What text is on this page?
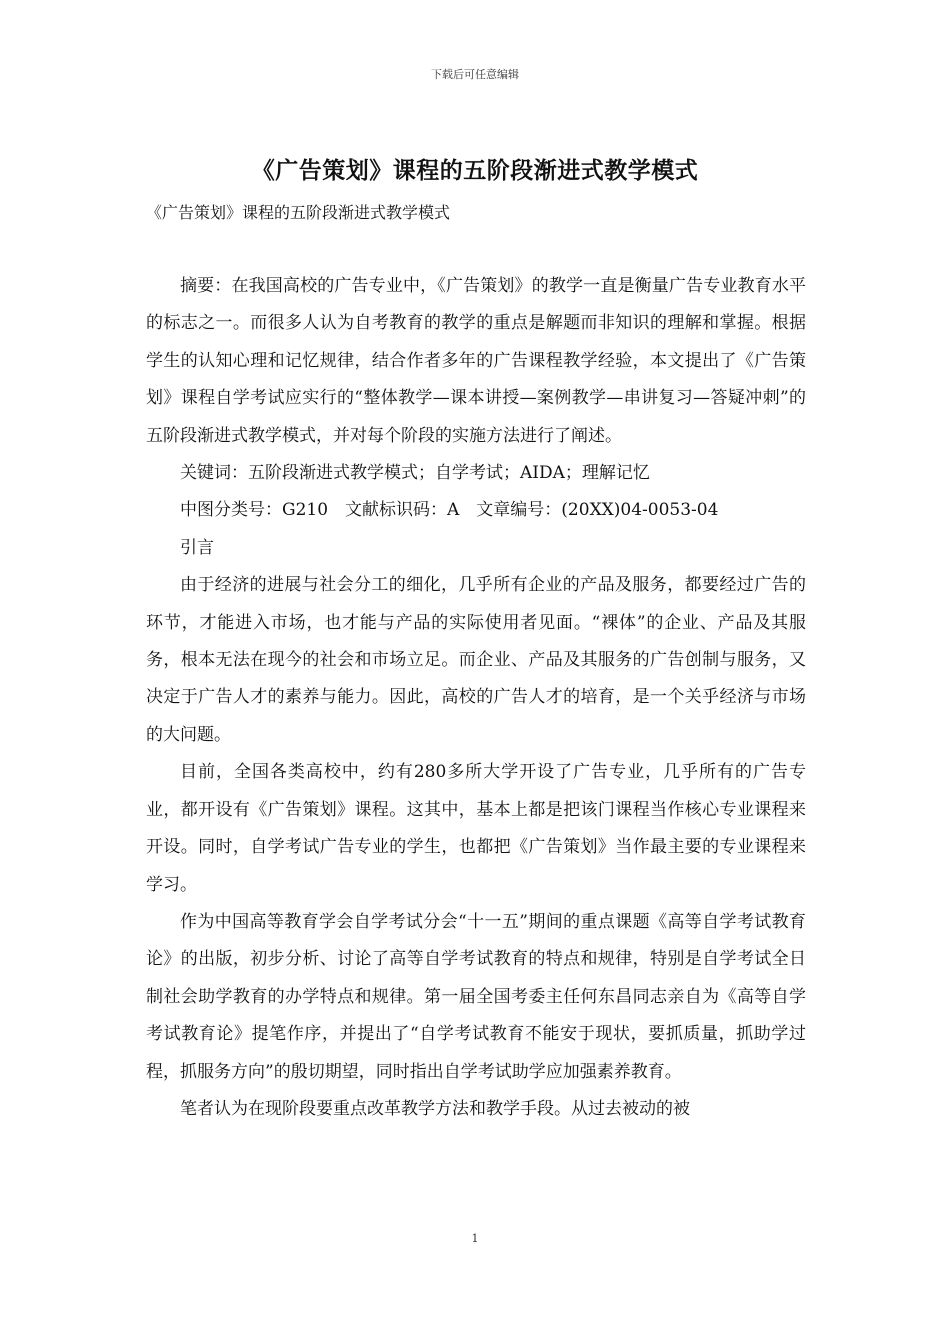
下载后可任意编辑
《广告策划》课程的五阶段渐进式教学模式
《广告策划》课程的五阶段渐进式教学模式

摘要：在我国高校的广告专业中，《广告策划》的教学一直是衡量广告专业教育水平的标志之一。而很多人认为自考教育的教学的重点是解题而非知识的理解和掌握。根据学生的认知心理和记忆规律，结合作者多年的广告课程教学经验，本文提出了《广告策划》课程自学考试应实行的“整体教学—课本讲授—案例教学—串讲复习—答疑冲刺”的五阶段渐进式教学模式，并对每个阶段的实施方法进行了阐述。

关键词：五阶段渐进式教学模式；自学考试；AIDA；理解记忆

中图分类号：G210　文献标识码：A　文章编号：(20XX)04-0053-04

引言

由于经济的进展与社会分工的细化，几乎所有企业的产品及服务，都要经过广告的环节，才能进入市场，也才能与产品的实际使用者见面。“裸体”的企业、产品及其服务，根本无法在现今的社会和市场立足。而企业、产品及其服务的广告创制与服务，又决定于广告人才的素养与能力。因此，高校的广告人才的培育，是一个关乎经济与市场的大问题。

目前，全国各类高校中，约有280多所大学开设了广告专业，几乎所有的广告专业，都开设有《广告策划》课程。这其中，基本上都是把该门课程当作核心专业课程来开设。同时，自学考试广告专业的学生，也都把《广告策划》当作最主要的专业课程来学习。

作为中国高等教育学会自学考试分会“十一五”期间的重点课题《高等自学考试教育论》的出版，初步分析、讨论了高等自学考试教育的特点和规律，特别是自学考试全日制社会助学教育的办学特点和规律。第一届全国考委主任何东昌同志亲自为《高等自学考试教育论》提笔作序，并提出了“自学考试教育不能安于现状，要抓质量，抓助学过程，抓服务方向”的殷切期望，同时指出自学考试助学应加强素养教育。

笔者认为在现阶段要重点改革教学方法和教学手段。从过去被动的被

1
